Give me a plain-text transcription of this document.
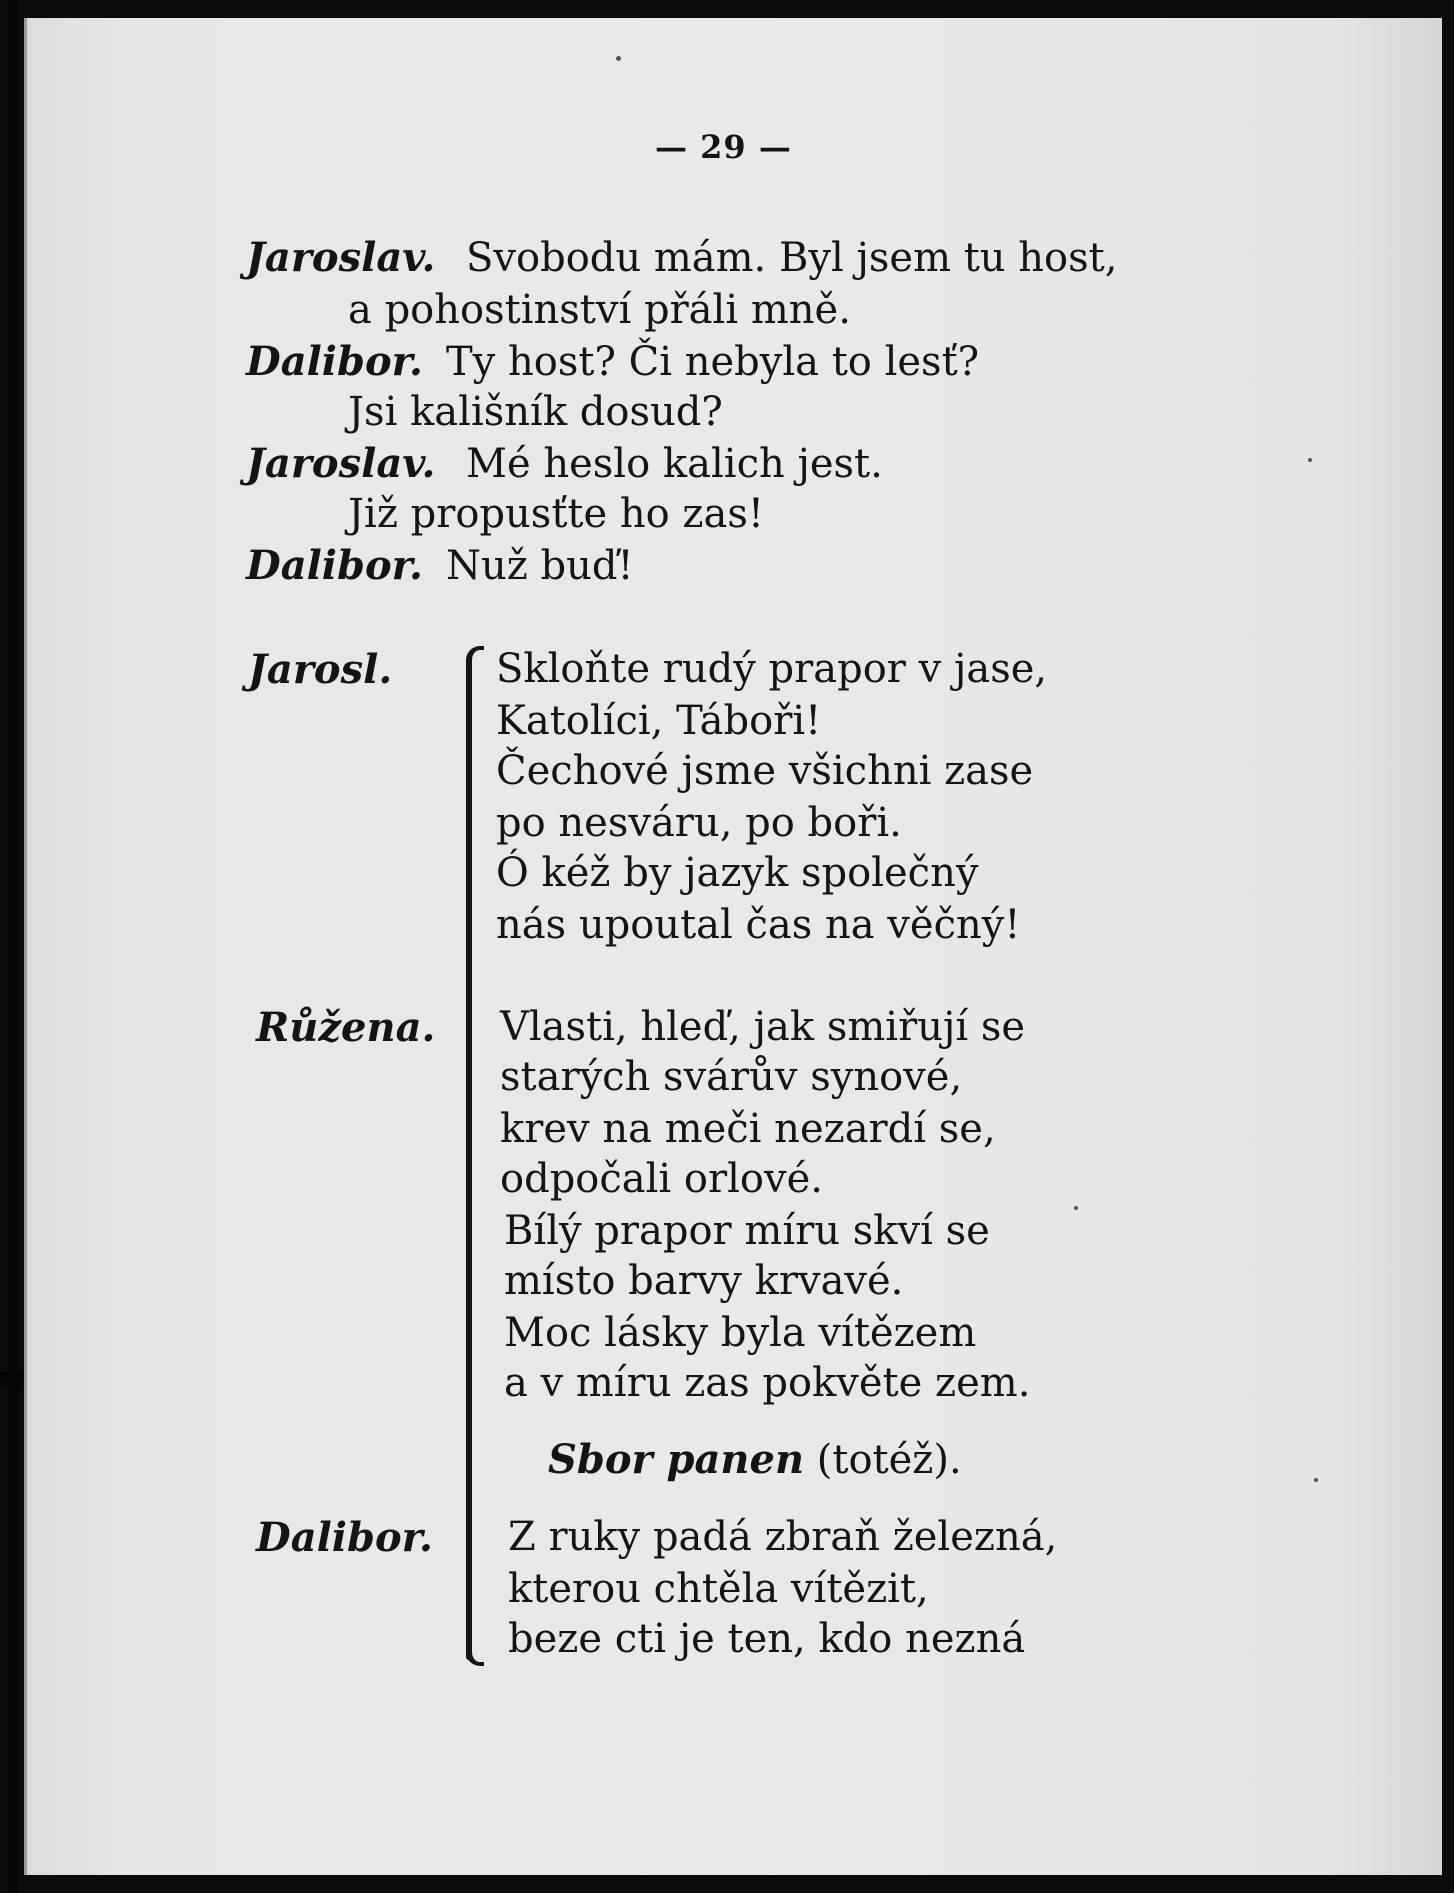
— 29 —
Jaroslav. Svobodu mám. Byl jsem tu host,
a pohostinství přáli mně.
Dalibor. Ty host? Či nebyla to lesť?
Jsi kališník dosud?
Jaroslav. Mé heslo kalich jest.
Již propusťte ho zas!
Dalibor. Nuž buď!
Jarosl.
Růžena.
Dalibor.
Skloňte rudý prapor v jase,
Katolíci, Táboři!
Čechové jsme všichni zase
po nesváru, po boři.
Ó kéž by jazyk společný
nás upoutal čas na věčný!
Vlasti, hleď, jak smiřují se
starých svárův synové,
krev na meči nezardí se,
odpočali orlové.
Bílý prapor míru skví se
místo barvy krvavé.
Moc lásky byla vítězem
a v míru zas pokvěte zem.
Sbor panen (totéž).
Z ruky padá zbraň železná,
kterou chtěla vítězit,
beze cti je ten, kdo nezná
